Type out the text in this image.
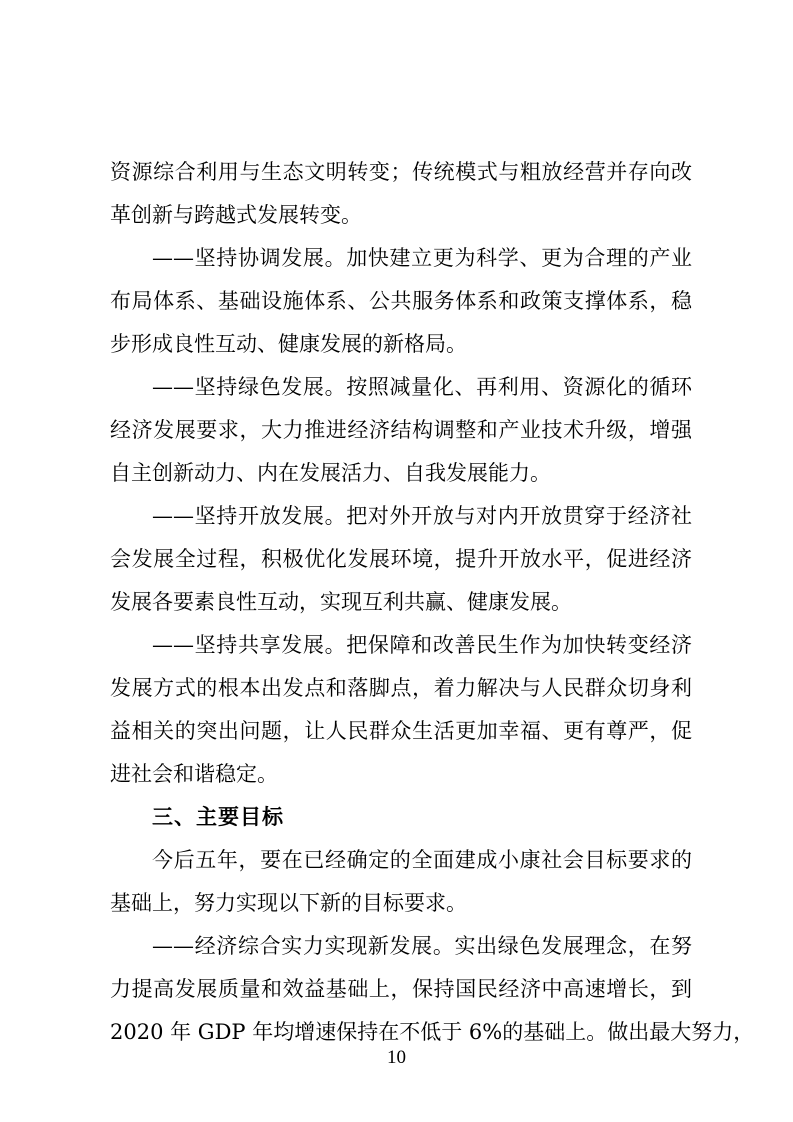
资源综合利用与生态文明转变；传统模式与粗放经营并存向改
革创新与跨越式发展转变。
——坚持协调发展。加快建立更为科学、更为合理的产业
布局体系、基础设施体系、公共服务体系和政策支撑体系，稳
步形成良性互动、健康发展的新格局。
——坚持绿色发展。按照减量化、再利用、资源化的循环
经济发展要求，大力推进经济结构调整和产业技术升级，增强
自主创新动力、内在发展活力、自我发展能力。
——坚持开放发展。把对外开放与对内开放贯穿于经济社
会发展全过程，积极优化发展环境，提升开放水平，促进经济
发展各要素良性互动，实现互利共赢、健康发展。
——坚持共享发展。把保障和改善民生作为加快转变经济
发展方式的根本出发点和落脚点，着力解决与人民群众切身利
益相关的突出问题，让人民群众生活更加幸福、更有尊严，促
进社会和谐稳定。
三、主要目标
今后五年，要在已经确定的全面建成小康社会目标要求的
基础上，努力实现以下新的目标要求。
——经济综合实力实现新发展。实出绿色发展理念，在努
力提高发展质量和效益基础上，保持国民经济中高速增长，到
2020 年 GDP 年均增速保持在不低于 6%的基础上。做出最大努力，
10
